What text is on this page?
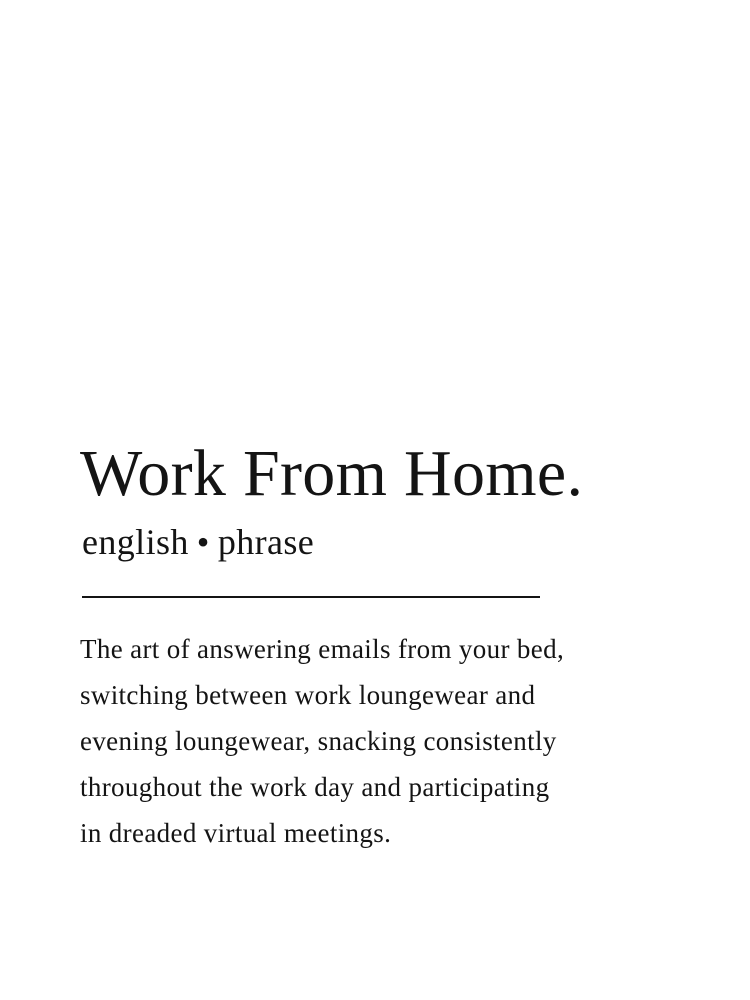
Work From Home.
english • phrase
The art of answering emails from your bed,
switching between work loungewear and
evening loungewear, snacking consistently
throughout the work day and participating
in dreaded virtual meetings.
